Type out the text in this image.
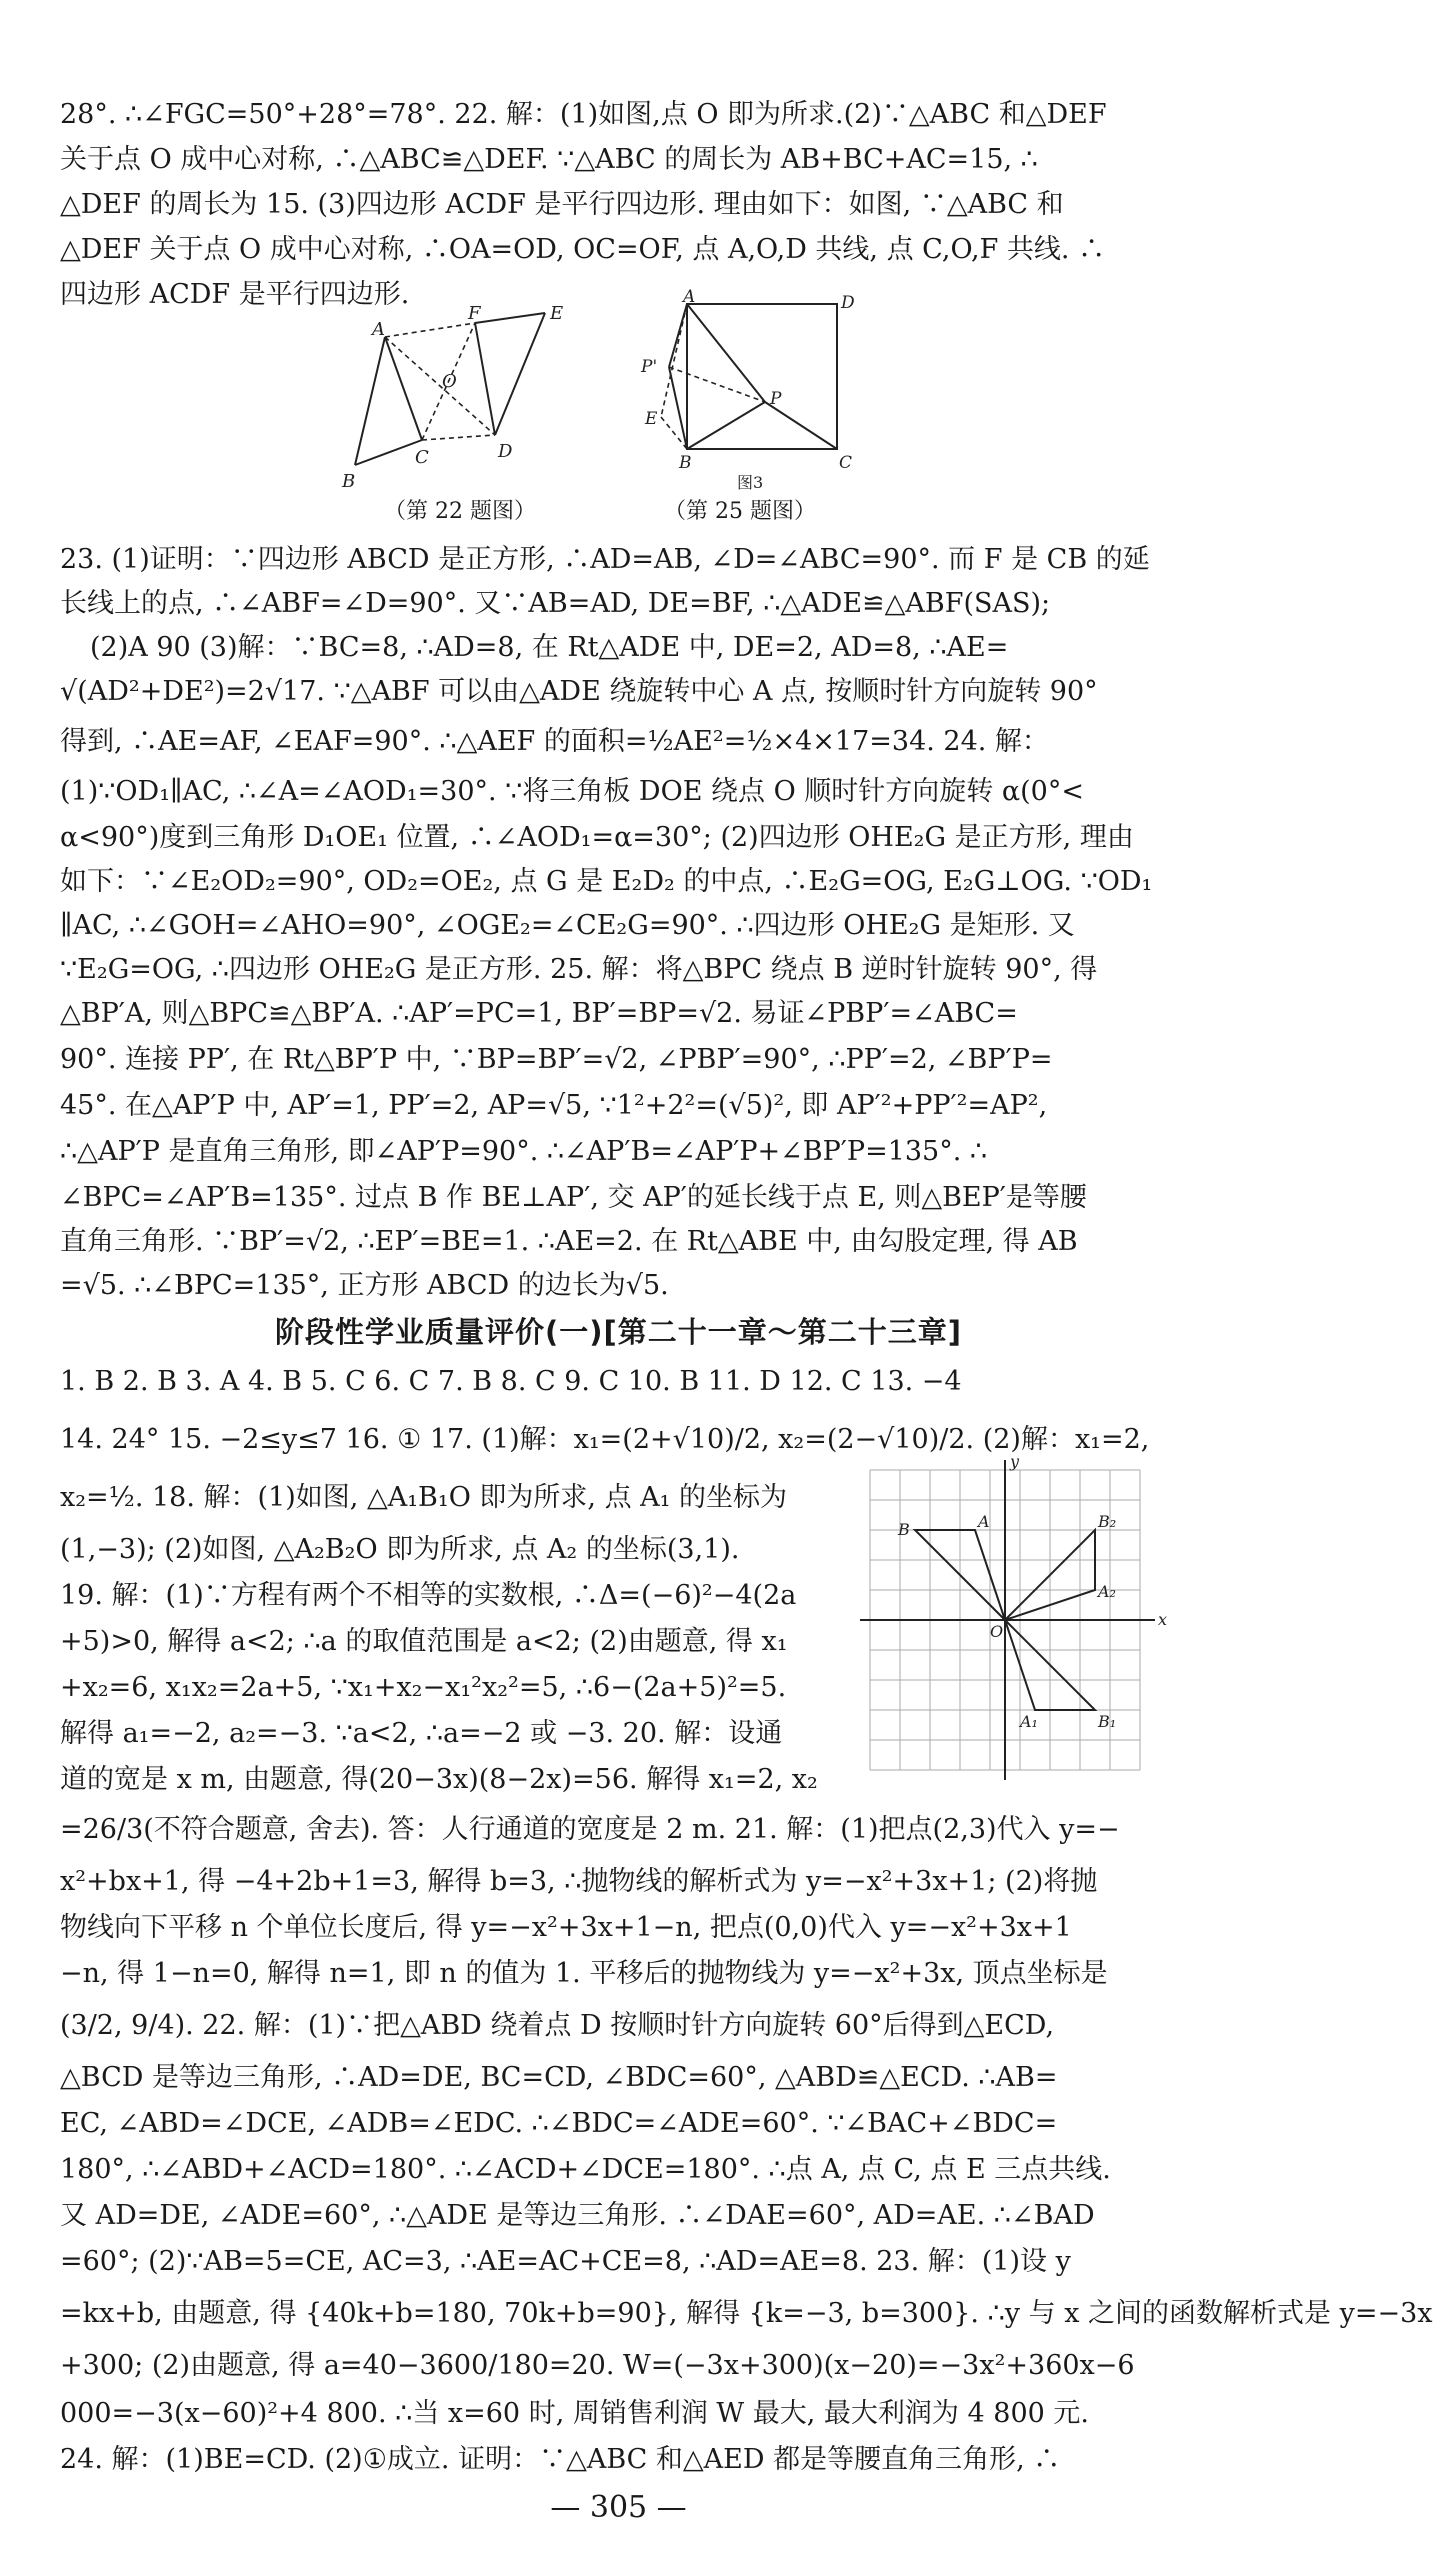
28°. ∴∠FGC=50°+28°=78°. 22. 解：(1)如图,点 O 即为所求.(2)∵△ABC 和△DEF
关于点 O 成中心对称, ∴△ABC≌△DEF. ∵△ABC 的周长为 AB+BC+AC=15, ∴
△DEF 的周长为 15. (3)四边形 ACDF 是平行四边形. 理由如下：如图, ∵△ABC 和
△DEF 关于点 O 成中心对称, ∴OA=OD, OC=OF, 点 A,O,D 共线, 点 C,O,F 共线. ∴
四边形 ACDF 是平行四边形.
A
B
C	D
E
F
O
（第 22 题图）
A	D
P'
E
B
P
C
图3
（第 25 题图）
23. (1)证明：∵四边形 ABCD 是正方形, ∴AD=AB, ∠D=∠ABC=90°. 而 F 是 CB 的延
长线上的点, ∴∠ABF=∠D=90°. 又∵AB=AD, DE=BF, ∴△ADE≌△ABF(SAS);
(2)A 90 (3)解：∵BC=8, ∴AD=8, 在 Rt△ADE 中, DE=2, AD=8, ∴AE=
√(AD²+DE²)=2√17. ∵△ABF 可以由△ADE 绕旋转中心 A 点, 按顺时针方向旋转 90°
得到, ∴AE=AF, ∠EAF=90°. ∴△AEF 的面积=½AE²=½×4×17=34. 24. 解：
(1)∵OD₁∥AC, ∴∠A=∠AOD₁=30°. ∵将三角板 DOE 绕点 O 顺时针方向旋转 α(0°<
α<90°)度到三角形 D₁OE₁ 位置, ∴∠AOD₁=α=30°; (2)四边形 OHE₂G 是正方形, 理由
如下：∵∠E₂OD₂=90°, OD₂=OE₂, 点 G 是 E₂D₂ 的中点, ∴E₂G=OG, E₂G⊥OG. ∵OD₁
∥AC, ∴∠GOH=∠AHO=90°, ∠OGE₂=∠CE₂G=90°. ∴四边形 OHE₂G 是矩形. 又
∵E₂G=OG, ∴四边形 OHE₂G 是正方形. 25. 解：将△BPC 绕点 B 逆时针旋转 90°, 得
△BP′A, 则△BPC≌△BP′A. ∴AP′=PC=1, BP′=BP=√2. 易证∠PBP′=∠ABC=
90°. 连接 PP′, 在 Rt△BP′P 中, ∵BP=BP′=√2, ∠PBP′=90°, ∴PP′=2, ∠BP′P=
45°. 在△AP′P 中, AP′=1, PP′=2, AP=√5, ∵1²+2²=(√5)², 即 AP′²+PP′²=AP²,
∴△AP′P 是直角三角形, 即∠AP′P=90°. ∴∠AP′B=∠AP′P+∠BP′P=135°. ∴
∠BPC=∠AP′B=135°. 过点 B 作 BE⊥AP′, 交 AP′的延长线于点 E, 则△BEP′是等腰
直角三角形. ∵BP′=√2, ∴EP′=BE=1. ∴AE=2. 在 Rt△ABE 中, 由勾股定理, 得 AB
=√5. ∴∠BPC=135°, 正方形 ABCD 的边长为√5.
阶段性学业质量评价(一)[第二十一章～第二十三章]
1. B 2. B 3. A 4. B 5. C 6. C 7. B 8. C 9. C 10. B 11. D 12. C 13. −4
14. 24° 15. −2≤y≤7 16. ① 17. (1)解：x₁=(2+√10)/2, x₂=(2−√10)/2. (2)解：x₁=2,
x₂=½. 18. 解：(1)如图, △A₁B₁O 即为所求, 点 A₁ 的坐标为
(1,−3); (2)如图, △A₂B₂O 即为所求, 点 A₂ 的坐标(3,1).
19. 解：(1)∵方程有两个不相等的实数根, ∴Δ=(−6)²−4(2a
+5)>0, 解得 a<2; ∴a 的取值范围是 a<2; (2)由题意, 得 x₁
+x₂=6, x₁x₂=2a+5, ∵x₁+x₂−x₁²x₂²=5, ∴6−(2a+5)²=5.
解得 a₁=−2, a₂=−3. ∵a<2, ∴a=−2 或 −3. 20. 解：设通
道的宽是 x m, 由题意, 得(20−3x)(8−2x)=56. 解得 x₁=2, x₂
B	A	B₂
A₂
O
A₁	B₁
x
y
=26/3(不符合题意, 舍去). 答：人行通道的宽度是 2 m. 21. 解：(1)把点(2,3)代入 y=−
x²+bx+1, 得 −4+2b+1=3, 解得 b=3, ∴抛物线的解析式为 y=−x²+3x+1; (2)将抛
物线向下平移 n 个单位长度后, 得 y=−x²+3x+1−n, 把点(0,0)代入 y=−x²+3x+1
−n, 得 1−n=0, 解得 n=1, 即 n 的值为 1. 平移后的抛物线为 y=−x²+3x, 顶点坐标是
(3/2, 9/4). 22. 解：(1)∵把△ABD 绕着点 D 按顺时针方向旋转 60°后得到△ECD,
△BCD 是等边三角形, ∴AD=DE, BC=CD, ∠BDC=60°, △ABD≌△ECD. ∴AB=
EC, ∠ABD=∠DCE, ∠ADB=∠EDC. ∴∠BDC=∠ADE=60°. ∵∠BAC+∠BDC=
180°, ∴∠ABD+∠ACD=180°. ∴∠ACD+∠DCE=180°. ∴点 A, 点 C, 点 E 三点共线.
又 AD=DE, ∠ADE=60°, ∴△ADE 是等边三角形. ∴∠DAE=60°, AD=AE. ∴∠BAD
=60°; (2)∵AB=5=CE, AC=3, ∴AE=AC+CE=8, ∴AD=AE=8. 23. 解：(1)设 y
=kx+b, 由题意, 得 {40k+b=180, 70k+b=90}, 解得 {k=−3, b=300}. ∴y 与 x 之间的函数解析式是 y=−3x
+300; (2)由题意, 得 a=40−3600/180=20. W=(−3x+300)(x−20)=−3x²+360x−6
000=−3(x−60)²+4 800. ∴当 x=60 时, 周销售利润 W 最大, 最大利润为 4 800 元.
24. 解：(1)BE=CD. (2)①成立. 证明：∵△ABC 和△AED 都是等腰直角三角形, ∴
— 305 —
